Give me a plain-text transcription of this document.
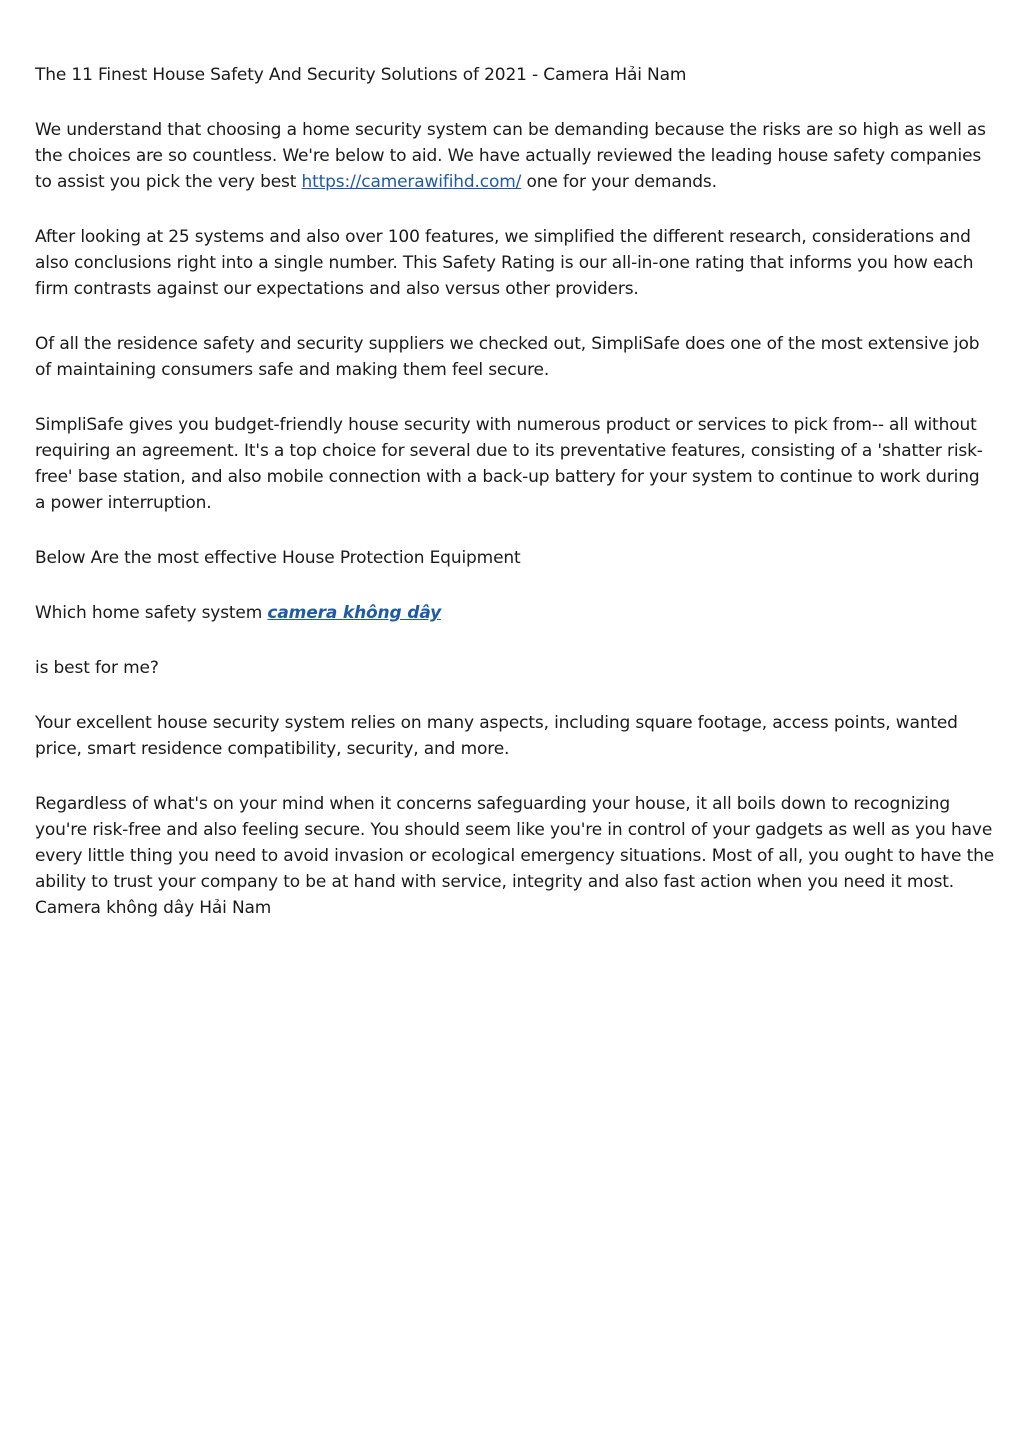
The 11 Finest House Safety And Security Solutions of 2021 - Camera Hải Nam

We understand that choosing a home security system can be demanding because the risks are so high as well as the choices are so countless. We're below to aid. We have actually reviewed the leading house safety companies to assist you pick the very best https://camerawifihd.com/ one for your demands.

After looking at 25 systems and also over 100 features, we simplified the different research, considerations and also conclusions right into a single number. This Safety Rating is our all-in-one rating that informs you how each firm contrasts against our expectations and also versus other providers.

Of all the residence safety and security suppliers we checked out, SimpliSafe does one of the most extensive job of maintaining consumers safe and making them feel secure.

SimpliSafe gives you budget-friendly house security with numerous product or services to pick from-- all without requiring an agreement. It's a top choice for several due to its preventative features, consisting of a 'shatter risk-free' base station, and also mobile connection with a back-up battery for your system to continue to work during a power interruption.

Below Are the most effective House Protection Equipment

Which home safety system camera không dây

is best for me?

Your excellent house security system relies on many aspects, including square footage, access points, wanted price, smart residence compatibility, security, and more.

Regardless of what's on your mind when it concerns safeguarding your house, it all boils down to recognizing you're risk-free and also feeling secure. You should seem like you're in control of your gadgets as well as you have every little thing you need to avoid invasion or ecological emergency situations. Most of all, you ought to have the ability to trust your company to be at hand with service, integrity and also fast action when you need it most.

Camera không dây Hải Nam
